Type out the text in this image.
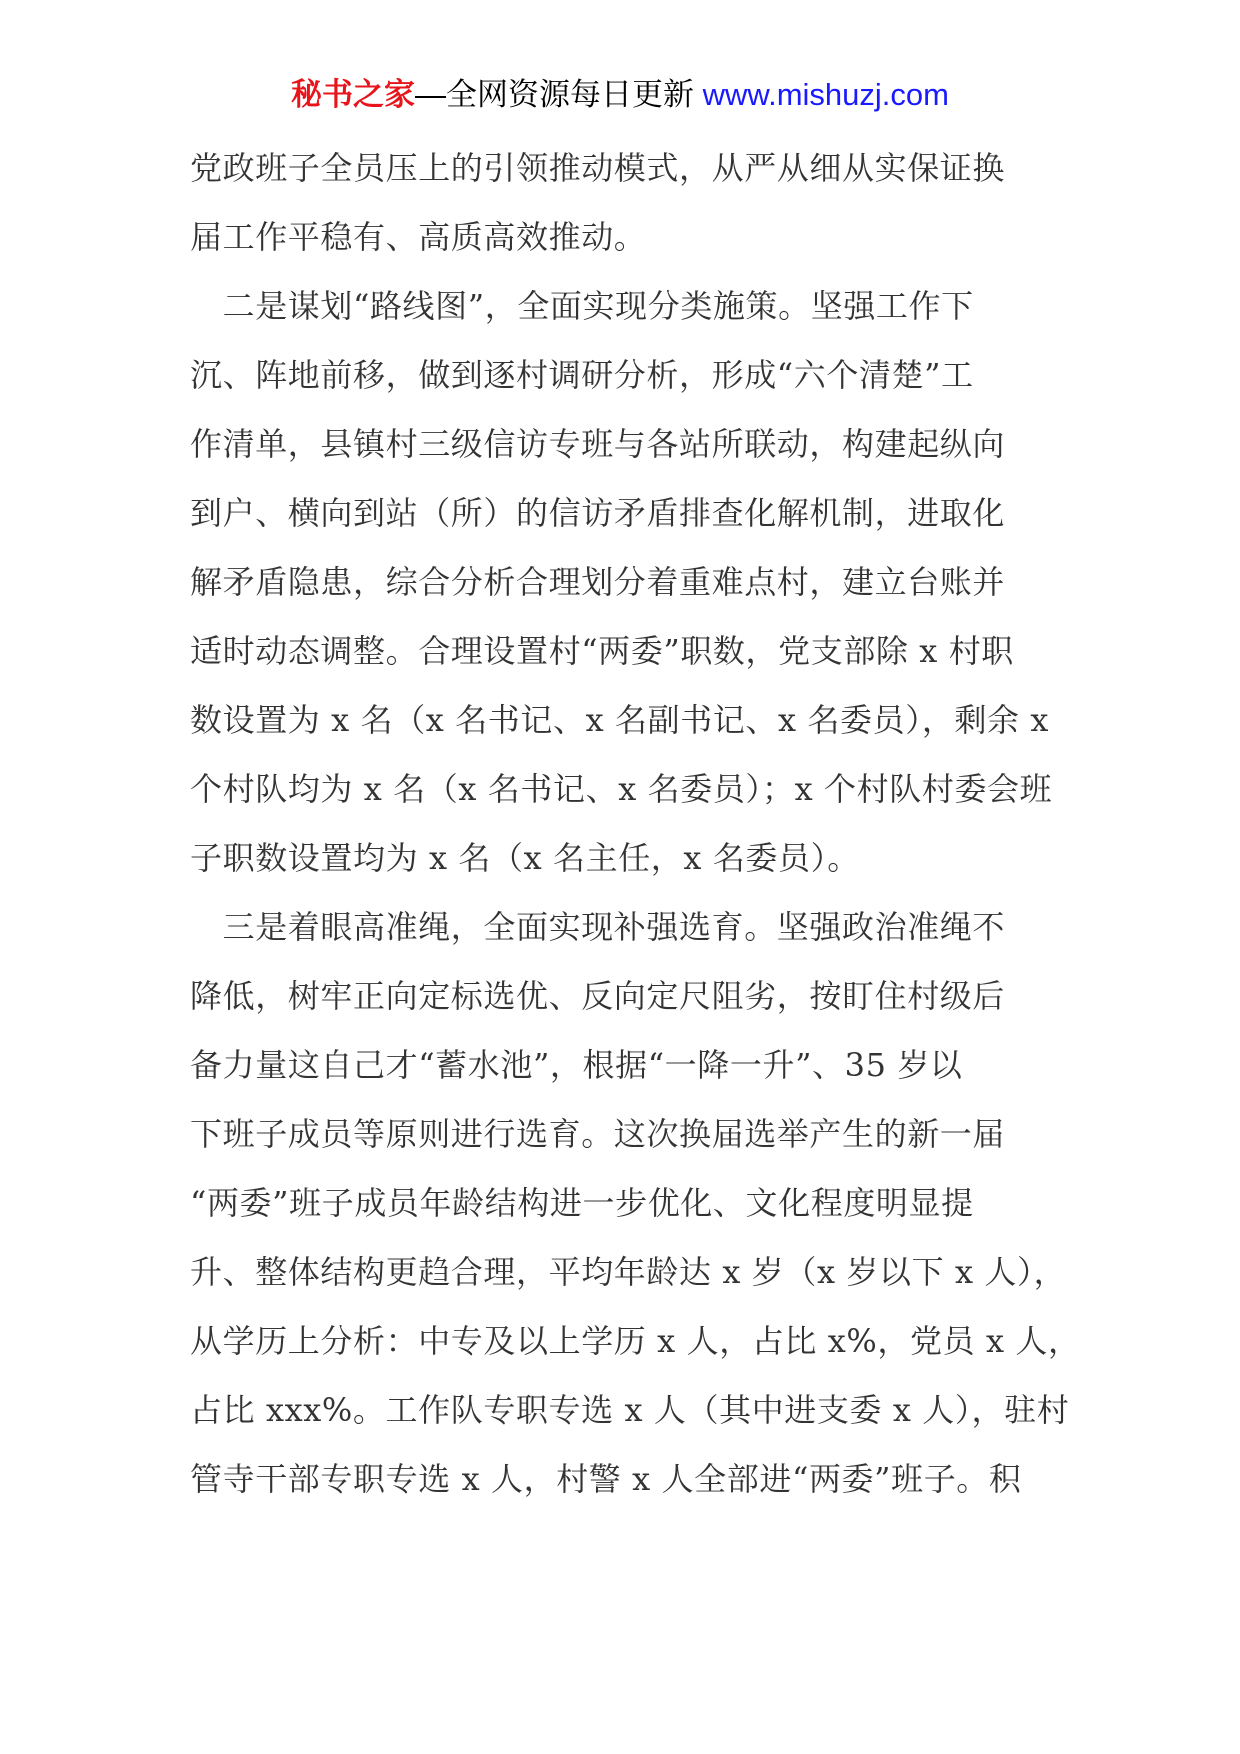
秘书之家—全网资源每日更新 www.mishuzj.com

党政班子全员压上的引领推动模式，从严从细从实保证换
届工作平稳有、高质高效推动。

　二是谋划“路线图”，全面实现分类施策。坚强工作下
沉、阵地前移，做到逐村调研分析，形成“六个清楚”工
作清单，县镇村三级信访专班与各站所联动，构建起纵向
到户、横向到站（所）的信访矛盾排查化解机制，进取化
解矛盾隐患，综合分析合理划分着重难点村，建立台账并
适时动态调整。合理设置村“两委”职数，党支部除 x 村职
数设置为 x 名（x 名书记、x 名副书记、x 名委员），剩余 x
个村队均为 x 名（x 名书记、x 名委员）；x 个村队村委会班
子职数设置均为 x 名（x 名主任，x 名委员）。

　三是着眼高准绳，全面实现补强选育。坚强政治准绳不
降低，树牢正向定标选优、反向定尺阻劣，按盯住村级后
备力量这自己才“蓄水池”，根据“一降一升”、35 岁以
下班子成员等原则进行选育。这次换届选举产生的新一届
“两委”班子成员年龄结构进一步优化、文化程度明显提
升、整体结构更趋合理，平均年龄达 x 岁（x 岁以下 x 人），
从学历上分析：中专及以上学历 x 人，占比 x%，党员 x 人，
占比 xxx%。工作队专职专选 x 人（其中进支委 x 人），驻村
管寺干部专职专选 x 人，村警 x 人全部进“两委”班子。积
